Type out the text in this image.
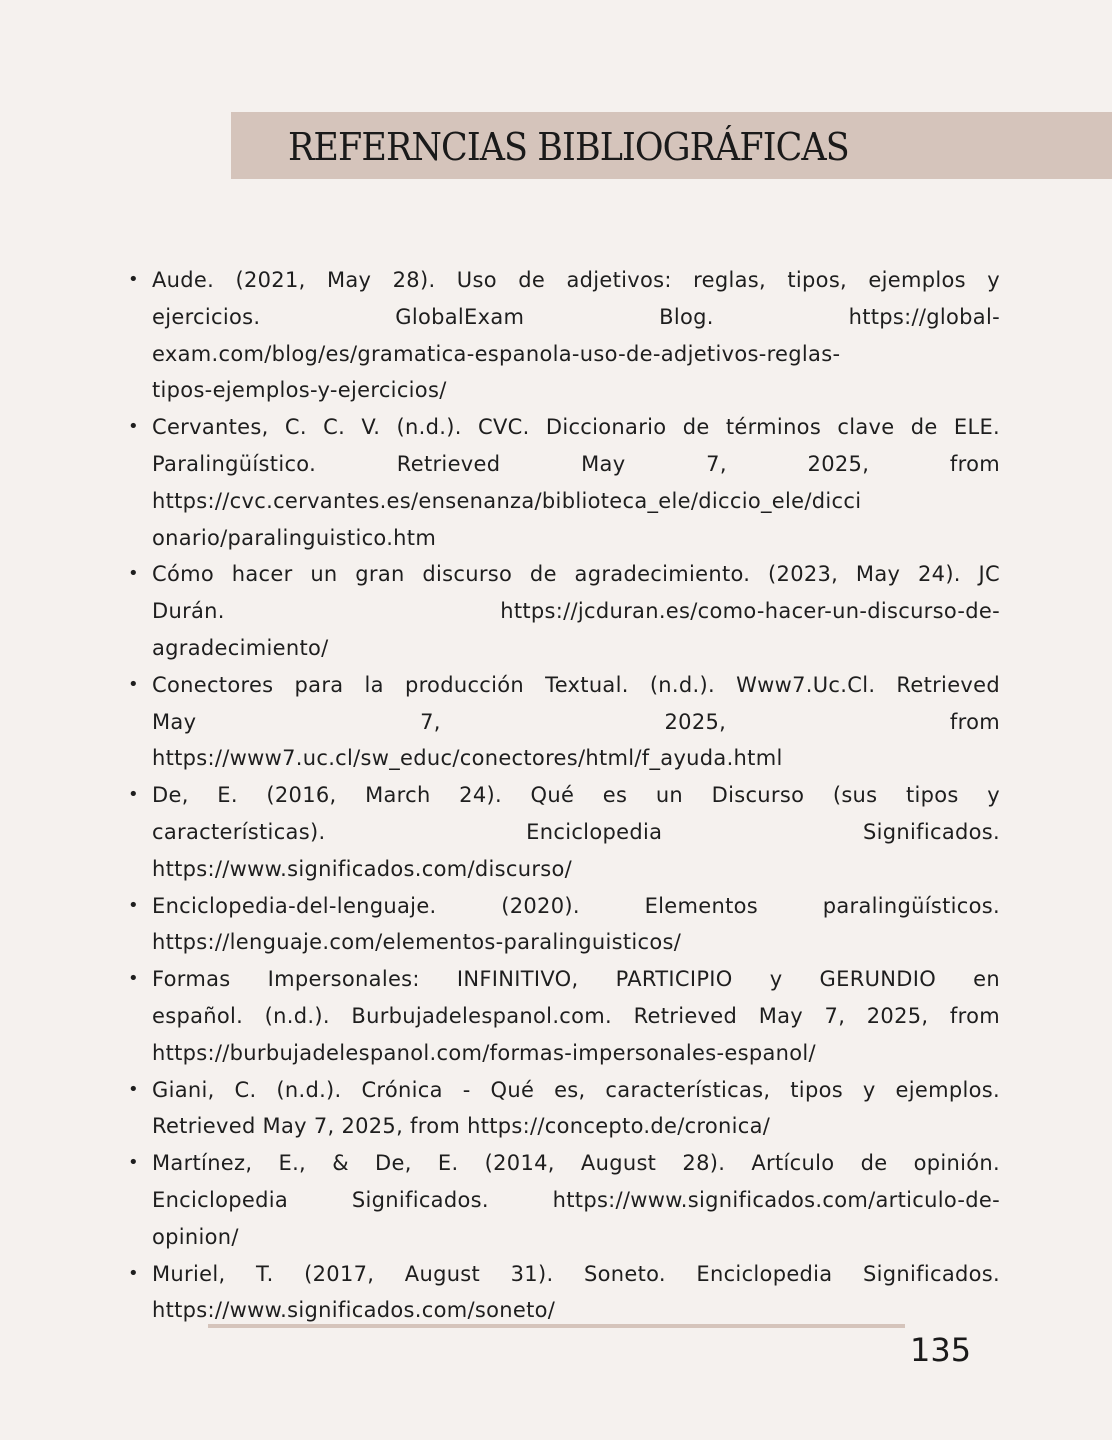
REFERNCIAS BIBLIOGRÁFICAS
• Aude. (2021, May 28). Uso de adjetivos: reglas, tipos, ejemplos y
ejercicios. GlobalExam Blog. https://global-
exam.com/blog/es/gramatica-espanola-uso-de-adjetivos-reglas-
tipos-ejemplos-y-ejercicios/
• Cervantes, C. C. V. (n.d.). CVC. Diccionario de términos clave de ELE.
Paralingüístico. Retrieved May 7, 2025, from
https://cvc.cervantes.es/ensenanza/biblioteca_ele/diccio_ele/dicci
onario/paralinguistico.htm
• Cómo hacer un gran discurso de agradecimiento. (2023, May 24). JC
Durán. https://jcduran.es/como-hacer-un-discurso-de-
agradecimiento/
• Conectores para la producción Textual. (n.d.). Www7.Uc.Cl. Retrieved
May 7, 2025, from
https://www7.uc.cl/sw_educ/conectores/html/f_ayuda.html
• De, E. (2016, March 24). Qué es un Discurso (sus tipos y
características). Enciclopedia Significados.
https://www.significados.com/discurso/
• Enciclopedia-del-lenguaje. (2020). Elementos paralingüísticos.
https://lenguaje.com/elementos-paralinguisticos/
• Formas Impersonales: INFINITIVO, PARTICIPIO y GERUNDIO en
español. (n.d.). Burbujadelespanol.com. Retrieved May 7, 2025, from
https://burbujadelespanol.com/formas-impersonales-espanol/
• Giani, C. (n.d.). Crónica - Qué es, características, tipos y ejemplos.
Retrieved May 7, 2025, from https://concepto.de/cronica/
• Martínez, E., & De, E. (2014, August 28). Artículo de opinión.
Enciclopedia Significados. https://www.significados.com/articulo-de-
opinion/
• Muriel, T. (2017, August 31). Soneto. Enciclopedia Significados.
https://www.significados.com/soneto/
135
